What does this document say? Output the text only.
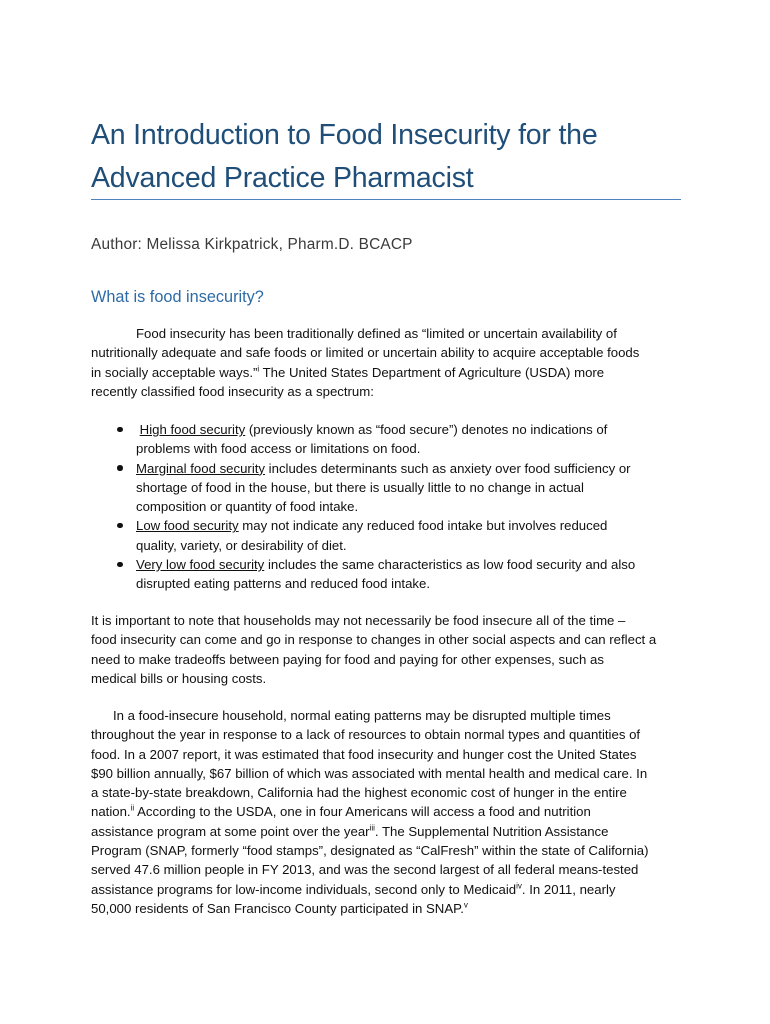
An Introduction to Food Insecurity for the
Advanced Practice Pharmacist

Author: Melissa Kirkpatrick, Pharm.D. BCACP

What is food insecurity?

Food insecurity has been traditionally defined as “limited or uncertain availability of
nutritionally adequate and safe foods or limited or uncertain ability to acquire acceptable foods
in socially acceptable ways.”$^i$ The United States Department of Agriculture (USDA) more
recently classified food insecurity as a spectrum:

High food security (previously known as “food secure”) denotes no indications of
problems with food access or limitations on food.
Marginal food security includes determinants such as anxiety over food sufficiency or
shortage of food in the house, but there is usually little to no change in actual
composition or quantity of food intake.
Low food security may not indicate any reduced food intake but involves reduced
quality, variety, or desirability of diet.
Very low food security includes the same characteristics as low food security and also
disrupted eating patterns and reduced food intake.

It is important to note that households may not necessarily be food insecure all of the time –
food insecurity can come and go in response to changes in other social aspects and can reflect a
need to make tradeoffs between paying for food and paying for other expenses, such as
medical bills or housing costs.

In a food-insecure household, normal eating patterns may be disrupted multiple times
throughout the year in response to a lack of resources to obtain normal types and quantities of
food. In a 2007 report, it was estimated that food insecurity and hunger cost the United States
$90 billion annually, $67 billion of which was associated with mental health and medical care. In
a state-by-state breakdown, California had the highest economic cost of hunger in the entire
nation.$^{ii}$ According to the USDA, one in four Americans will access a food and nutrition
assistance program at some point over the year$^{iii}$. The Supplemental Nutrition Assistance
Program (SNAP, formerly “food stamps”, designated as “CalFresh” within the state of California)
served 47.6 million people in FY 2013, and was the second largest of all federal means-tested
assistance programs for low-income individuals, second only to Medicaid$^{iv}$. In 2011, nearly
50,000 residents of San Francisco County participated in SNAP.$^v$
